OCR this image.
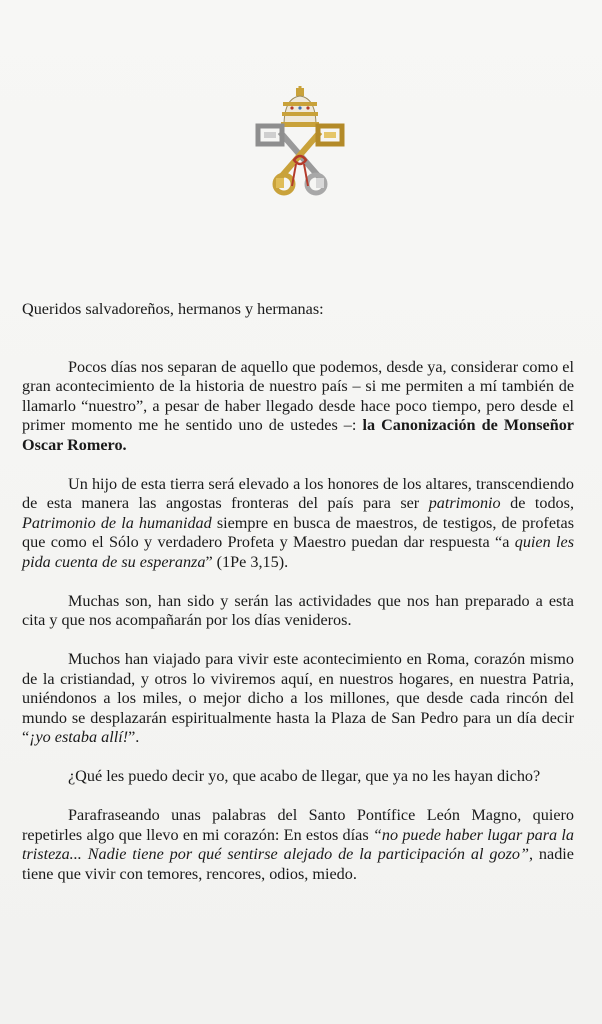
Queridos salvadoreños, hermanos y hermanas:

Pocos días nos separan de aquello que podemos, desde ya, considerar como el gran acontecimiento de la historia de nuestro país – si me permiten a mí también de llamarlo “nuestro”, a pesar de haber llegado desde hace poco tiempo, pero desde el primer momento me he sentido uno de ustedes –: la Canonización de Monseñor Oscar Romero.

Un hijo de esta tierra será elevado a los honores de los altares, transcendiendo de esta manera las angostas fronteras del país para ser patrimonio de todos, Patrimonio de la humanidad siempre en busca de maestros, de testigos, de profetas que como el Sólo y verdadero Profeta y Maestro puedan dar respuesta “a quien les pida cuenta de su esperanza” (1Pe 3,15).

Muchas son, han sido y serán las actividades que nos han preparado a esta cita y que nos acompañarán por los días venideros.

Muchos han viajado para vivir este acontecimiento en Roma, corazón mismo de la cristiandad, y otros lo viviremos aquí, en nuestros hogares, en nuestra Patria, uniéndonos a los miles, o mejor dicho a los millones, que desde cada rincón del mundo se desplazarán espiritualmente hasta la Plaza de San Pedro para un día decir “¡yo estaba allí!”.

¿Qué les puedo decir yo, que acabo de llegar, que ya no les hayan dicho?

Parafraseando unas palabras del Santo Pontífice León Magno, quiero repetirles algo que llevo en mi corazón: En estos días “no puede haber lugar para la tristeza... Nadie tiene por qué sentirse alejado de la participación al gozo”, nadie tiene que vivir con temores, rencores, odios, miedo.
